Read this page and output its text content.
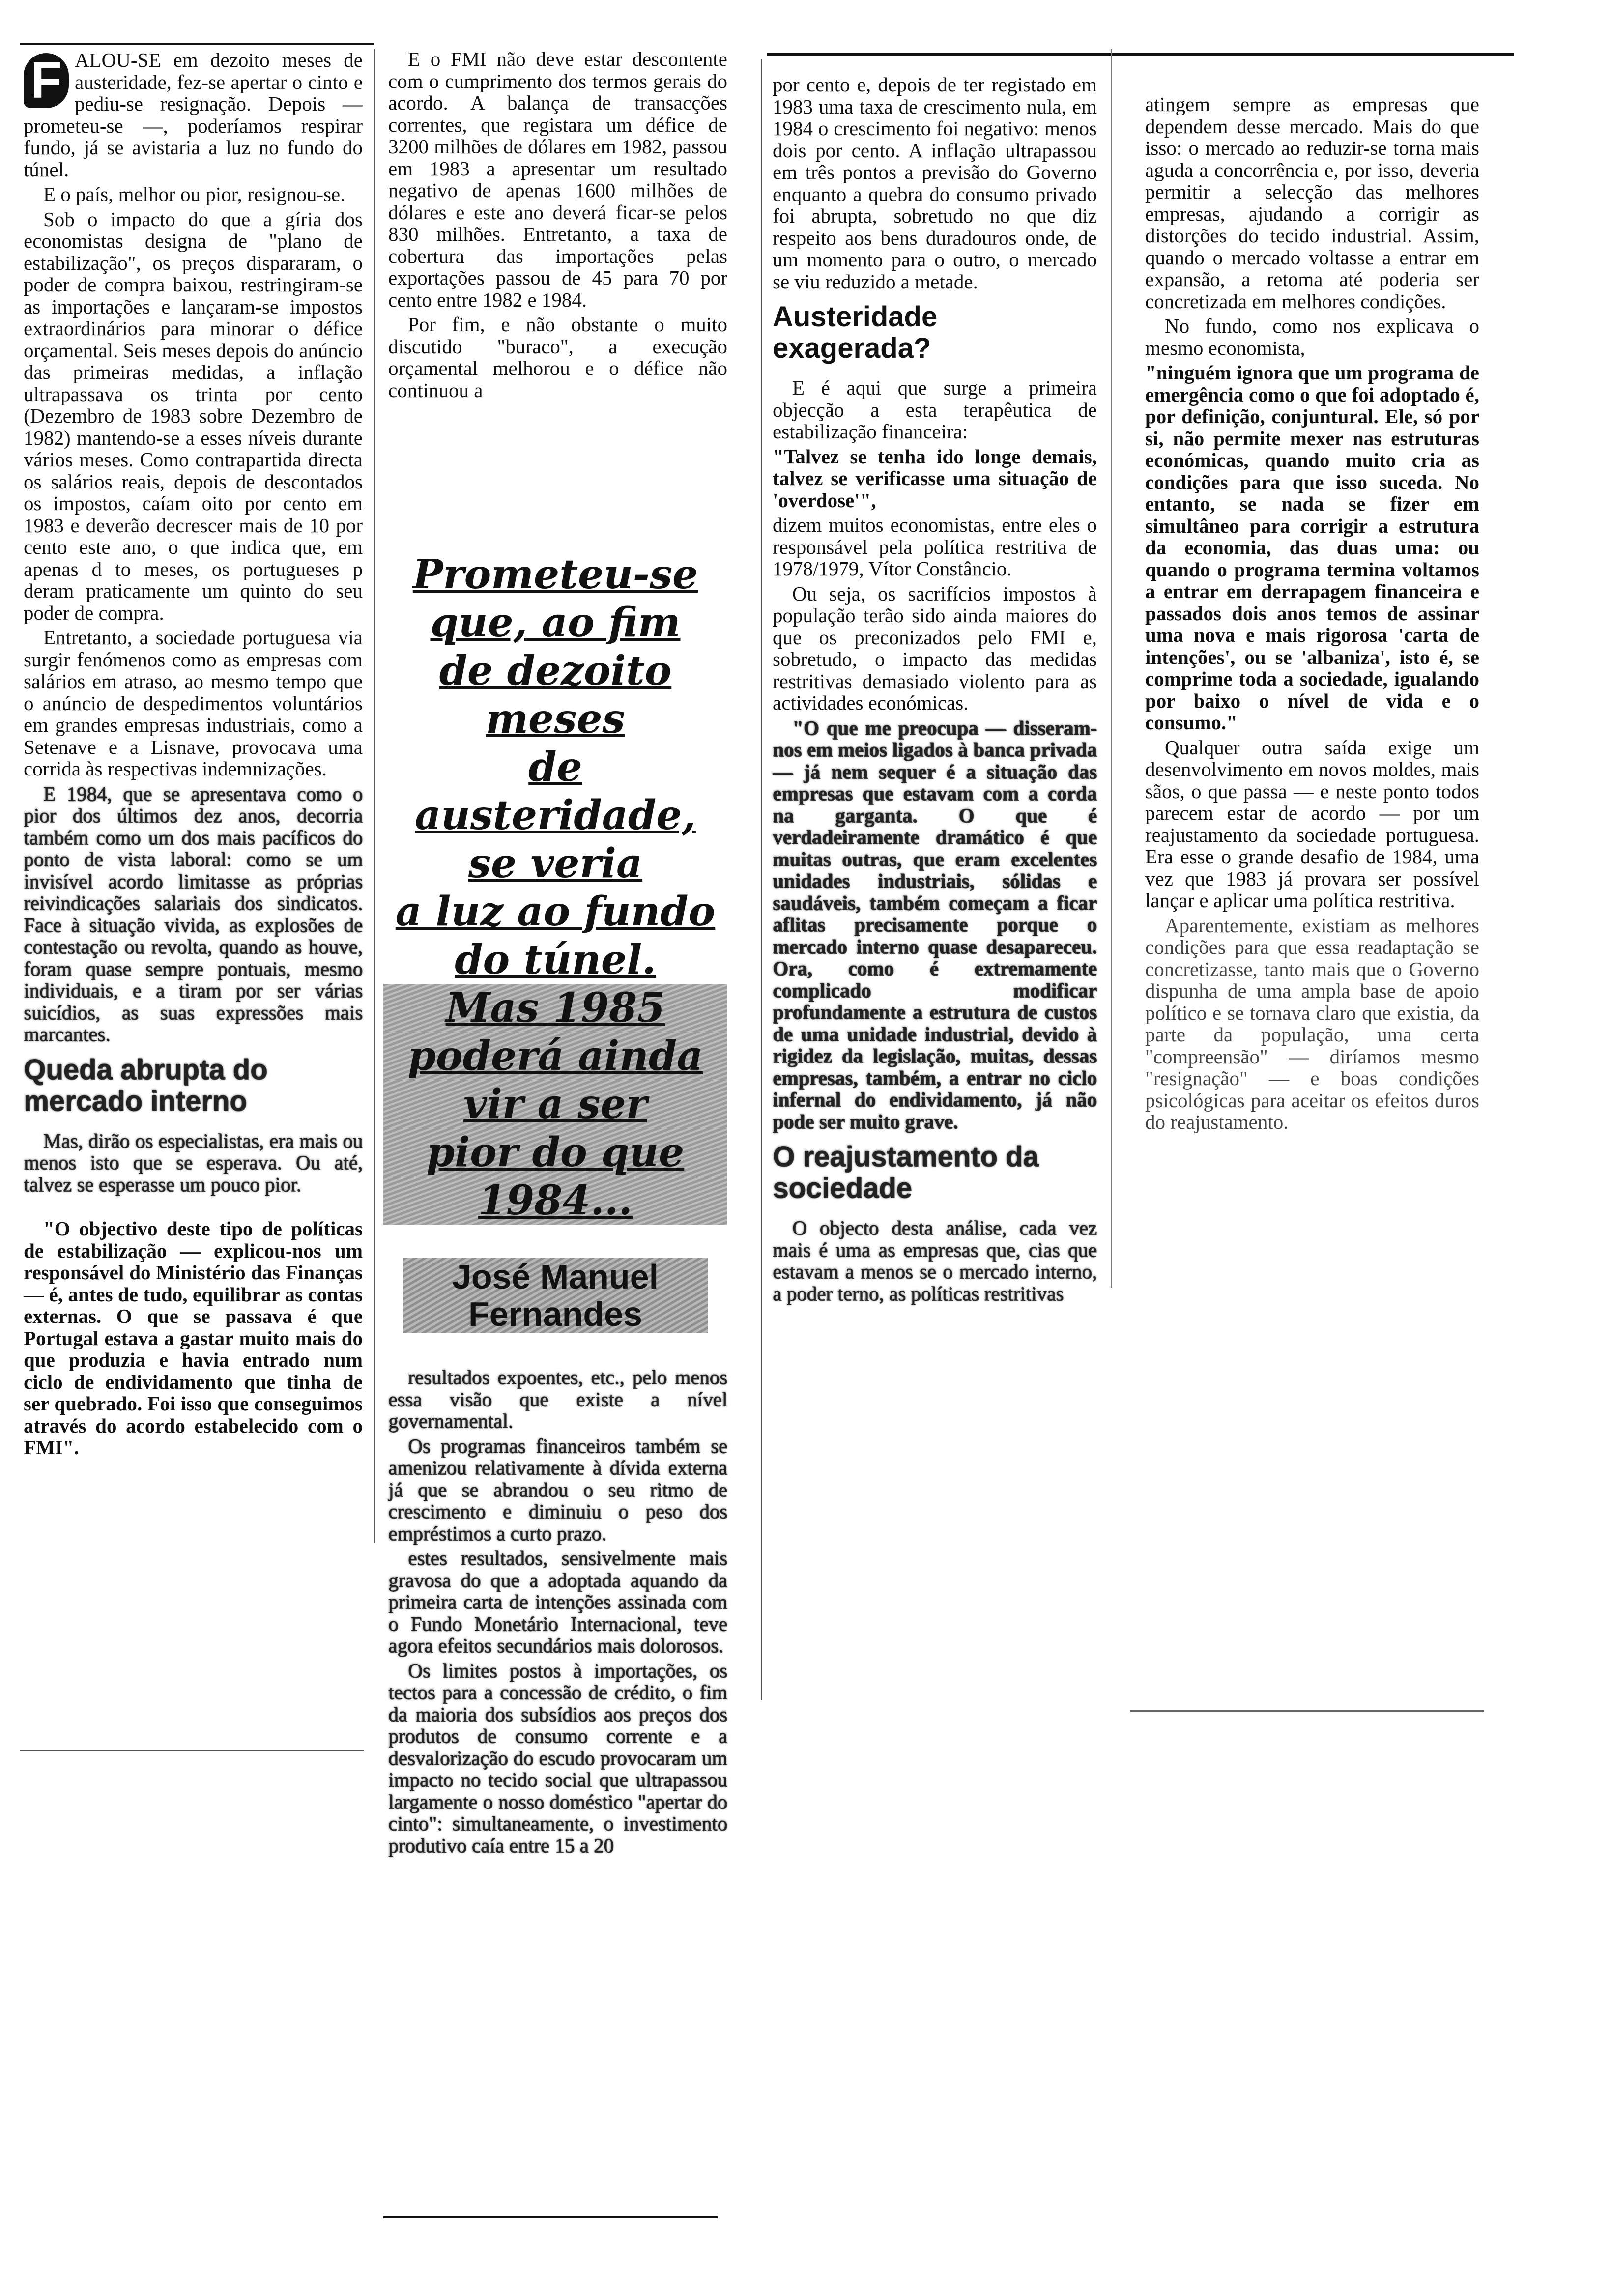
F ALOU-SE em dezoito meses de austeridade, fez-se apertar o cinto e pediu-se resignação. Depois — prometeu-se —, poderíamos respirar fundo, já se avistaria a luz no fundo do túnel.

E o país, melhor ou pior, resignou-se.

Sob o impacto do que a gíria dos economistas designa de "plano de estabilização", os preços dispararam, o poder de compra baixou, restringiram-se as importações e lançaram-se impostos extraordinários para minorar o défice orçamental. Seis meses depois do anúncio das primeiras medidas, a inflação ultrapassava os trinta por cento (Dezembro de 1983 sobre Dezembro de 1982) mantendo-se a esses níveis durante vários meses. Como contrapartida directa os salários reais, depois de descontados os impostos, caíam oito por cento em 1983 e deverão decrescer mais de 10 por cento este ano, o que indica que, em apenas d to meses, os portugueses p deram praticamente um quinto do seu poder de compra.

Entretanto, a sociedade portuguesa via surgir fenómenos como as empresas com salários em atraso, ao mesmo tempo que o anúncio de despedimentos voluntários em grandes empresas industriais, como a Setenave e a Lisnave, provocava uma corrida às respectivas indemnizações.

E 1984, que se apresentava como o pior dos últimos dez anos, decorria também como um dos mais pacíficos do ponto de vista laboral: como se um invisível acordo limitasse as próprias reivindicações salariais dos sindicatos. Face à situação vivida, as explosões de contestação ou revolta, quando as houve, foram quase sempre pontuais, mesmo individuais, e a tiram por ser várias suicídios, as suas expressões mais marcantes.

Queda abrupta do mercado interno

Mas, dirão os especialistas, era mais ou menos isto que se esperava. Ou até, talvez se esperasse um pouco pior.

"O objectivo deste tipo de políticas de estabilização — explicou-nos um responsável do Ministério das Finanças — é, antes de tudo, equilibrar as contas externas. O que se passava é que Portugal estava a gastar muito mais do que produzia e havia entrado num ciclo de endividamento que tinha de ser quebrado. Foi isso que conseguimos através do acordo estabelecido com o FMI".

E o FMI não deve estar descontente com o cumprimento dos termos gerais do acordo. A balança de transacções correntes, que registara um défice de 3200 milhões de dólares em 1982, passou em 1983 a apresentar um resultado negativo de apenas 1600 milhões de dólares e este ano deverá ficar-se pelos 830 milhões. Entretanto, a taxa de cobertura das importações pelas exportações passou de 45 para 70 por cento entre 1982 e 1984.

Por fim, e não obstante o muito discutido "buraco", a execução orçamental melhorou e o défice não continuou a

Prometeu-se
que, ao fim
de dezoito
meses
de austeridade,
se veria
a luz ao fundo
do túnel.
Mas 1985
poderá ainda
vir a ser
pior do que
1984...
José Manuel Fernandes

resultados expoentes, etc., pelo menos essa visão que existe a nível governamental.

Os programas financeiros também se amenizou relativamente à dívida externa já que se abrandou o seu ritmo de crescimento e diminuiu o peso dos empréstimos a curto prazo.

estes resultados, sensivelmente mais gravosa do que a adoptada aquando da primeira carta de intenções assinada com o Fundo Monetário Internacional, teve agora efeitos secundários mais dolorosos.

Os limites postos à importações, os tectos para a concessão de crédito, o fim da maioria dos subsídios aos preços dos produtos de consumo corrente e a desvalorização do escudo provocaram um impacto no tecido social que ultrapassou largamente o nosso doméstico "apertar do cinto": simultaneamente, o investimento produtivo caía entre 15 a 20

por cento e, depois de ter registado em 1983 uma taxa de crescimento nula, em 1984 o crescimento foi negativo: menos dois por cento. A inflação ultrapassou em três pontos a previsão do Governo enquanto a quebra do consumo privado foi abrupta, sobretudo no que diz respeito aos bens duradouros onde, de um momento para o outro, o mercado se viu reduzido a metade.

Austeridade exagerada?

E é aqui que surge a primeira objecção a esta terapêutica de estabilização financeira:

"Talvez se tenha ido longe demais, talvez se verificasse uma situação de 'overdose'",

dizem muitos economistas, entre eles o responsável pela política restritiva de 1978/1979, Vítor Constâncio.

Ou seja, os sacrifícios impostos à população terão sido ainda maiores do que os preconizados pelo FMI e, sobretudo, o impacto das medidas restritivas demasiado violento para as actividades económicas.

"O que me preocupa — disseram-nos em meios ligados à banca privada — já nem sequer é a situação das empresas que estavam com a corda na garganta. O que é verdadeiramente dramático é que muitas outras, que eram excelentes unidades industriais, sólidas e saudáveis, também começam a ficar aflitas precisamente porque o mercado interno quase desapareceu. Ora, como é extremamente complicado modificar profundamente a estrutura de custos de uma unidade industrial, devido à rigidez da legislação, muitas, dessas empresas, também, a entrar no ciclo infernal do endividamento, já não pode ser muito grave.

O reajustamento da sociedade

O objecto desta análise, cada vez mais é uma as empresas que, cias que estavam a menos se o mercado interno, a poder terno, as políticas restritivas

atingem sempre as empresas que dependem desse mercado. Mais do que isso: o mercado ao reduzir-se torna mais aguda a concorrência e, por isso, deveria permitir a selecção das melhores empresas, ajudando a corrigir as distorções do tecido industrial. Assim, quando o mercado voltasse a entrar em expansão, a retoma até poderia ser concretizada em melhores condições.

No fundo, como nos explicava o mesmo economista,

"ninguém ignora que um programa de emergência como o que foi adoptado é, por definição, conjuntural. Ele, só por si, não permite mexer nas estruturas económicas, quando muito cria as condições para que isso suceda. No entanto, se nada se fizer em simultâneo para corrigir a estrutura da economia, das duas uma: ou quando o programa termina voltamos a entrar em derrapagem financeira e passados dois anos temos de assinar uma nova e mais rigorosa 'carta de intenções', ou se 'albaniza', isto é, se comprime toda a sociedade, igualando por baixo o nível de vida e o consumo."

Qualquer outra saída exige um desenvolvimento em novos moldes, mais sãos, o que passa — e neste ponto todos parecem estar de acordo — por um reajustamento da sociedade portuguesa. Era esse o grande desafio de 1984, uma vez que 1983 já provara ser possível lançar e aplicar uma política restritiva.

Aparentemente, existiam as melhores condições para que essa readaptação se concretizasse, tanto mais que o Governo dispunha de uma ampla base de apoio político e se tornava claro que existia, da parte da população, uma certa "compreensão" — diríamos mesmo "resignação" — e boas condições psicológicas para aceitar os efeitos duros do reajustamento.
